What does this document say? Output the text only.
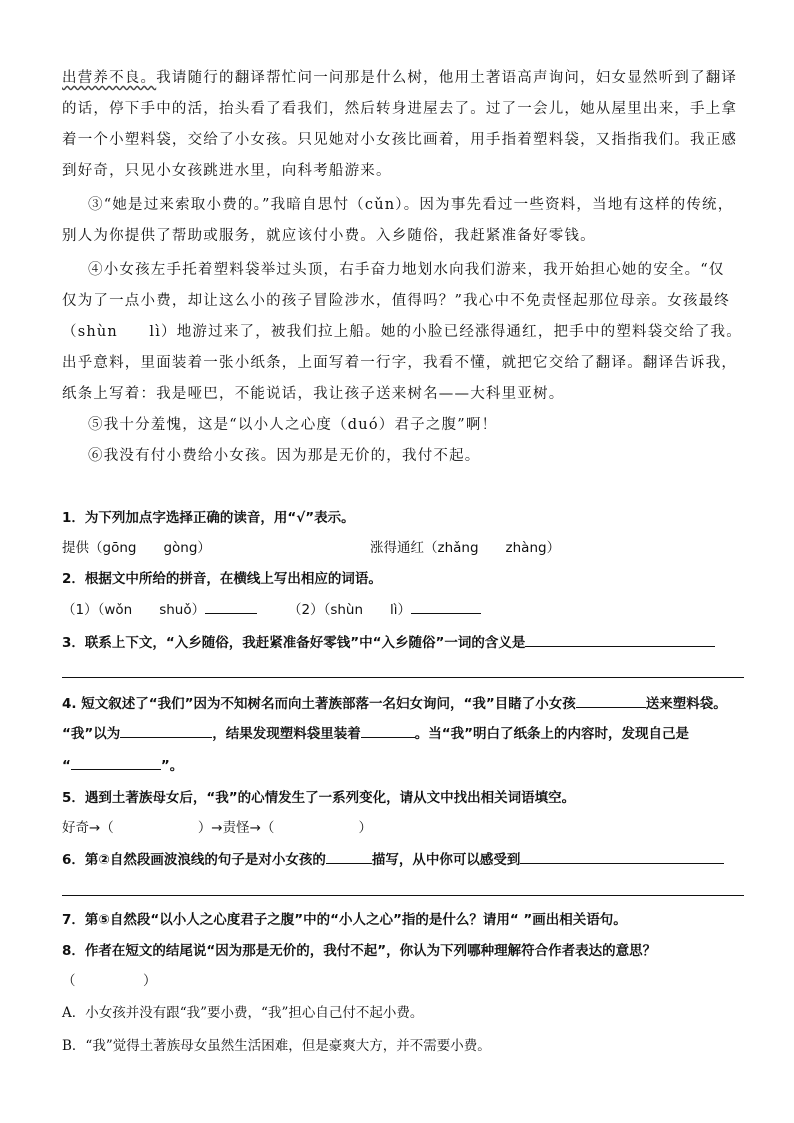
出营养不良。我请随行的翻译帮忙问一问那是什么树，他用土著语高声询问，妇女显然听到了翻译
的话，停下手中的活，抬头看了看我们，然后转身进屋去了。过了一会儿，她从屋里出来，手上拿
着一个小塑料袋，交给了小女孩。只见她对小女孩比画着，用手指着塑料袋，又指指我们。我正感
到好奇，只见小女孩跳进水里，向科考船游来。
③“她是过来索取小费的。”我暗自思忖（cǔn）。因为事先看过一些资料，当地有这样的传统，
别人为你提供了帮助或服务，就应该付小费。入乡随俗，我赶紧准备好零钱。
④小女孩左手托着塑料袋举过头顶，右手奋力地划水向我们游来，我开始担心她的安全。“仅
仅为了一点小费，却让这么小的孩子冒险涉水，值得吗？”我心中不免责怪起那位母亲。女孩最终
（shùn　　lì）地游过来了，被我们拉上船。她的小脸已经涨得通红，把手中的塑料袋交给了我。
出乎意料，里面装着一张小纸条，上面写着一行字，我看不懂，就把它交给了翻译。翻译告诉我，
纸条上写着：我是哑巴，不能说话，我让孩子送来树名——大科里亚树。
⑤我十分羞愧，这是“以小人之心度（duó）君子之腹”啊！
⑥我没有付小费给小女孩。因为那是无价的，我付不起。
1．为下列加点字选择正确的读音，用“√”表示。
提供（gōng　　gòng）	涨得通红（zhǎng　　zhàng）
2．根据文中所给的拼音，在横线上写出相应的词语。
（1）（wǒn　　shuǒ）	（2）（shùn　　lì）
3．联系上下文，“入乡随俗，我赶紧准备好零钱”中“入乡随俗”一词的含义是
4. 短文叙述了“我们”因为不知树名而向土著族部落一名妇女询问，“我”目睹了小女孩	送来塑料袋。
“我”以为	，结果发现塑料袋里装着	。当“我”明白了纸条上的内容时，发现自己是
“	”。
5．遇到土著族母女后，“我”的心情发生了一系列变化，请从文中找出相关词语填空。
好奇→（	）→责怪→（	）
6．第②自然段画波浪线的句子是对小女孩的	描写，从中你可以感受到
7．第⑤自然段“以小人之心度君子之腹”中的“小人之心”指的是什么？请用“ ”画出相关语句。
8．作者在短文的结尾说“因为那是无价的，我付不起”，你认为下列哪种理解符合作者表达的意思？
（　　　　　）
A．小女孩并没有跟“我”要小费，“我”担心自己付不起小费。
B．“我”觉得土著族母女虽然生活困难，但是豪爽大方，并不需要小费。
